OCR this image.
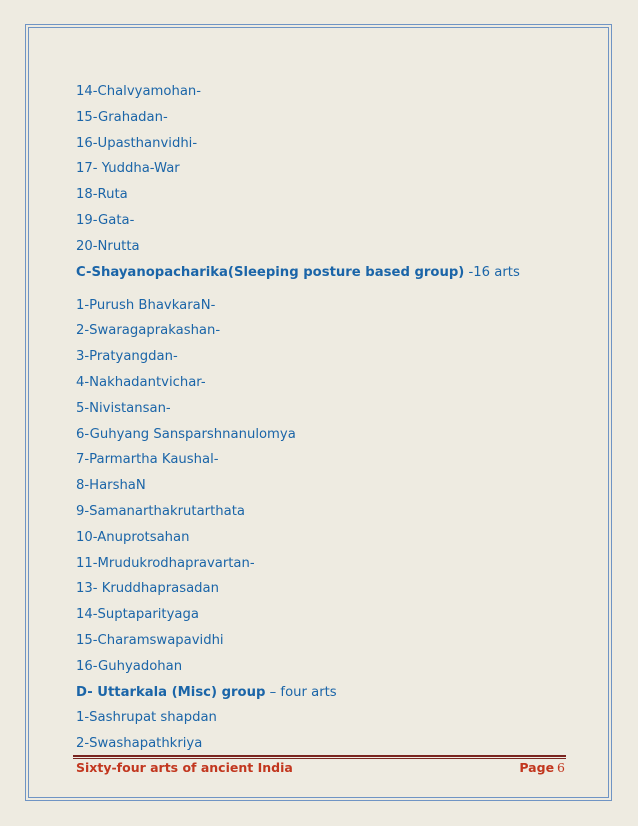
14-Chalvyamohan-
15-Grahadan-
16-Upasthanvidhi-
17- Yuddha-War
18-Ruta
19-Gata-
20-Nrutta
C-Shayanopacharika(Sleeping posture based group) -16 arts
1-Purush BhavkaraN-
2-Swaragaprakashan-
3-Pratyangdan-
4-Nakhadantvichar-
5-Nivistansan-
6-Guhyang Sansparshnanulomya
7-Parmartha Kaushal-
8-HarshaN
9-Samanarthakrutarthata
10-Anuprotsahan
11-Mrudukrodhapravartan-
13- Kruddhaprasadan
14-Suptaparityaga
15-Charamswapavidhi
16-Guhyadohan
D- Uttarkala (Misc) group – four arts
1-Sashrupat shapdan
2-Swashapathkriya
Sixty-four arts of ancient India	Page 6
